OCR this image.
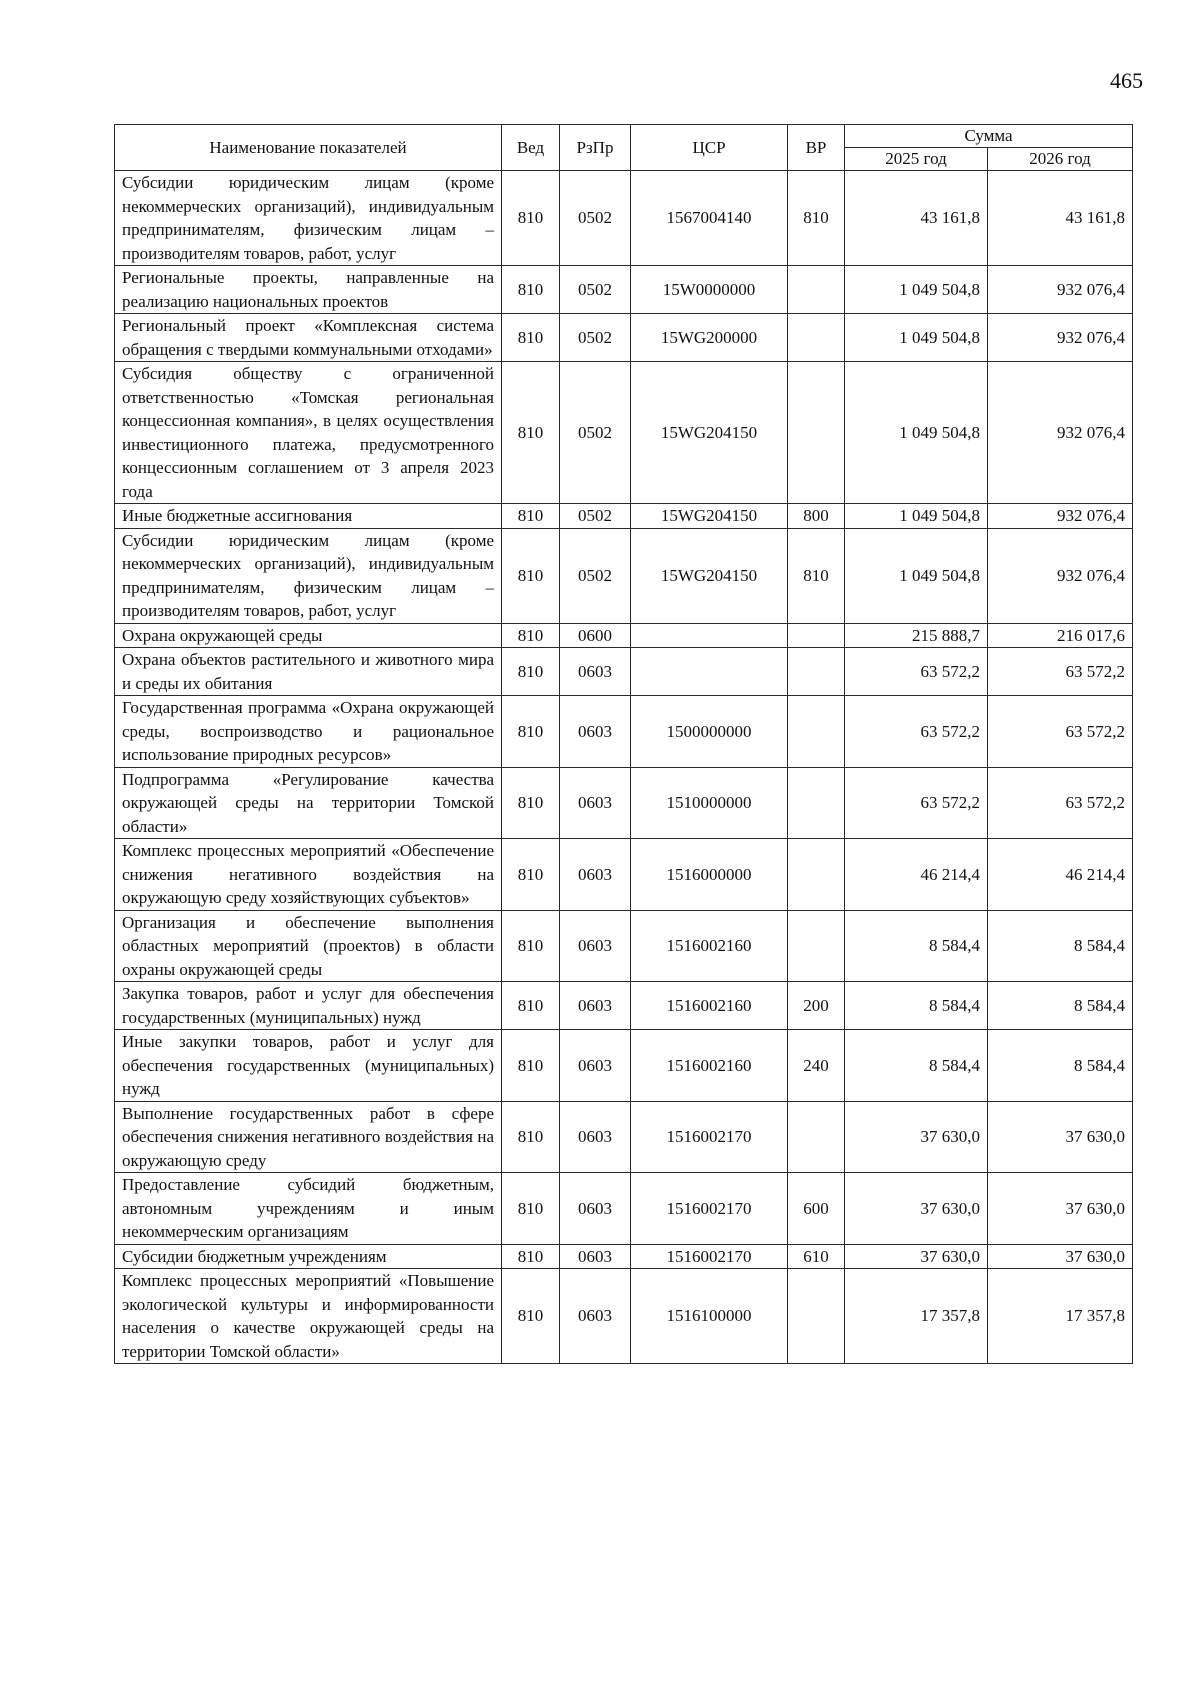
465
Наименование показателей	Вед	РзПр	ЦСР	ВР	Сумма	
					2025 год	2026 год
Субсидии юридическим лицам (кроме некоммерческих организаций), индивидуальным предпринимателям, физическим лицам – производителям товаров, работ, услуг	810	0502	1567004140	810	43 161,8	43 161,8
Региональные проекты, направленные на реализацию национальных проектов	810	0502	15W0000000		1 049 504,8	932 076,4
Региональный проект «Комплексная система обращения с твердыми коммунальными отходами»	810	0502	15WG200000		1 049 504,8	932 076,4
Субсидия обществу с ограниченной ответственностью «Томская региональная концессионная компания», в целях осуществления инвестиционного платежа, предусмотренного концессионным соглашением от 3 апреля 2023 года	810	0502	15WG204150		1 049 504,8	932 076,4
Иные бюджетные ассигнования	810	0502	15WG204150	800	1 049 504,8	932 076,4
Субсидии юридическим лицам (кроме некоммерческих организаций), индивидуальным предпринимателям, физическим лицам – производителям товаров, работ, услуг	810	0502	15WG204150	810	1 049 504,8	932 076,4
Охрана окружающей среды	810	0600			215 888,7	216 017,6
Охрана объектов растительного и животного мира и среды их обитания	810	0603			63 572,2	63 572,2
Государственная программа «Охрана окружающей среды, воспроизводство и рациональное использование природных ресурсов»	810	0603	1500000000		63 572,2	63 572,2
Подпрограмма «Регулирование качества окружающей среды на территории Томской области»	810	0603	1510000000		63 572,2	63 572,2
Комплекс процессных мероприятий «Обеспечение снижения негативного воздействия на окружающую среду хозяйствующих субъектов»	810	0603	1516000000		46 214,4	46 214,4
Организация и обеспечение выполнения областных мероприятий (проектов) в области охраны окружающей среды	810	0603	1516002160		8 584,4	8 584,4
Закупка товаров, работ и услуг для обеспечения государственных (муниципальных) нужд	810	0603	1516002160	200	8 584,4	8 584,4
Иные закупки товаров, работ и услуг для обеспечения государственных (муниципальных) нужд	810	0603	1516002160	240	8 584,4	8 584,4
Выполнение государственных работ в сфере обеспечения снижения негативного воздействия на окружающую среду	810	0603	1516002170		37 630,0	37 630,0
Предоставление субсидий бюджетным, автономным учреждениям и иным некоммерческим организациям	810	0603	1516002170	600	37 630,0	37 630,0
Субсидии бюджетным учреждениям	810	0603	1516002170	610	37 630,0	37 630,0
Комплекс процессных мероприятий «Повышение экологической культуры и информированности населения о качестве окружающей среды на территории Томской области»	810	0603	1516100000		17 357,8	17 357,8
